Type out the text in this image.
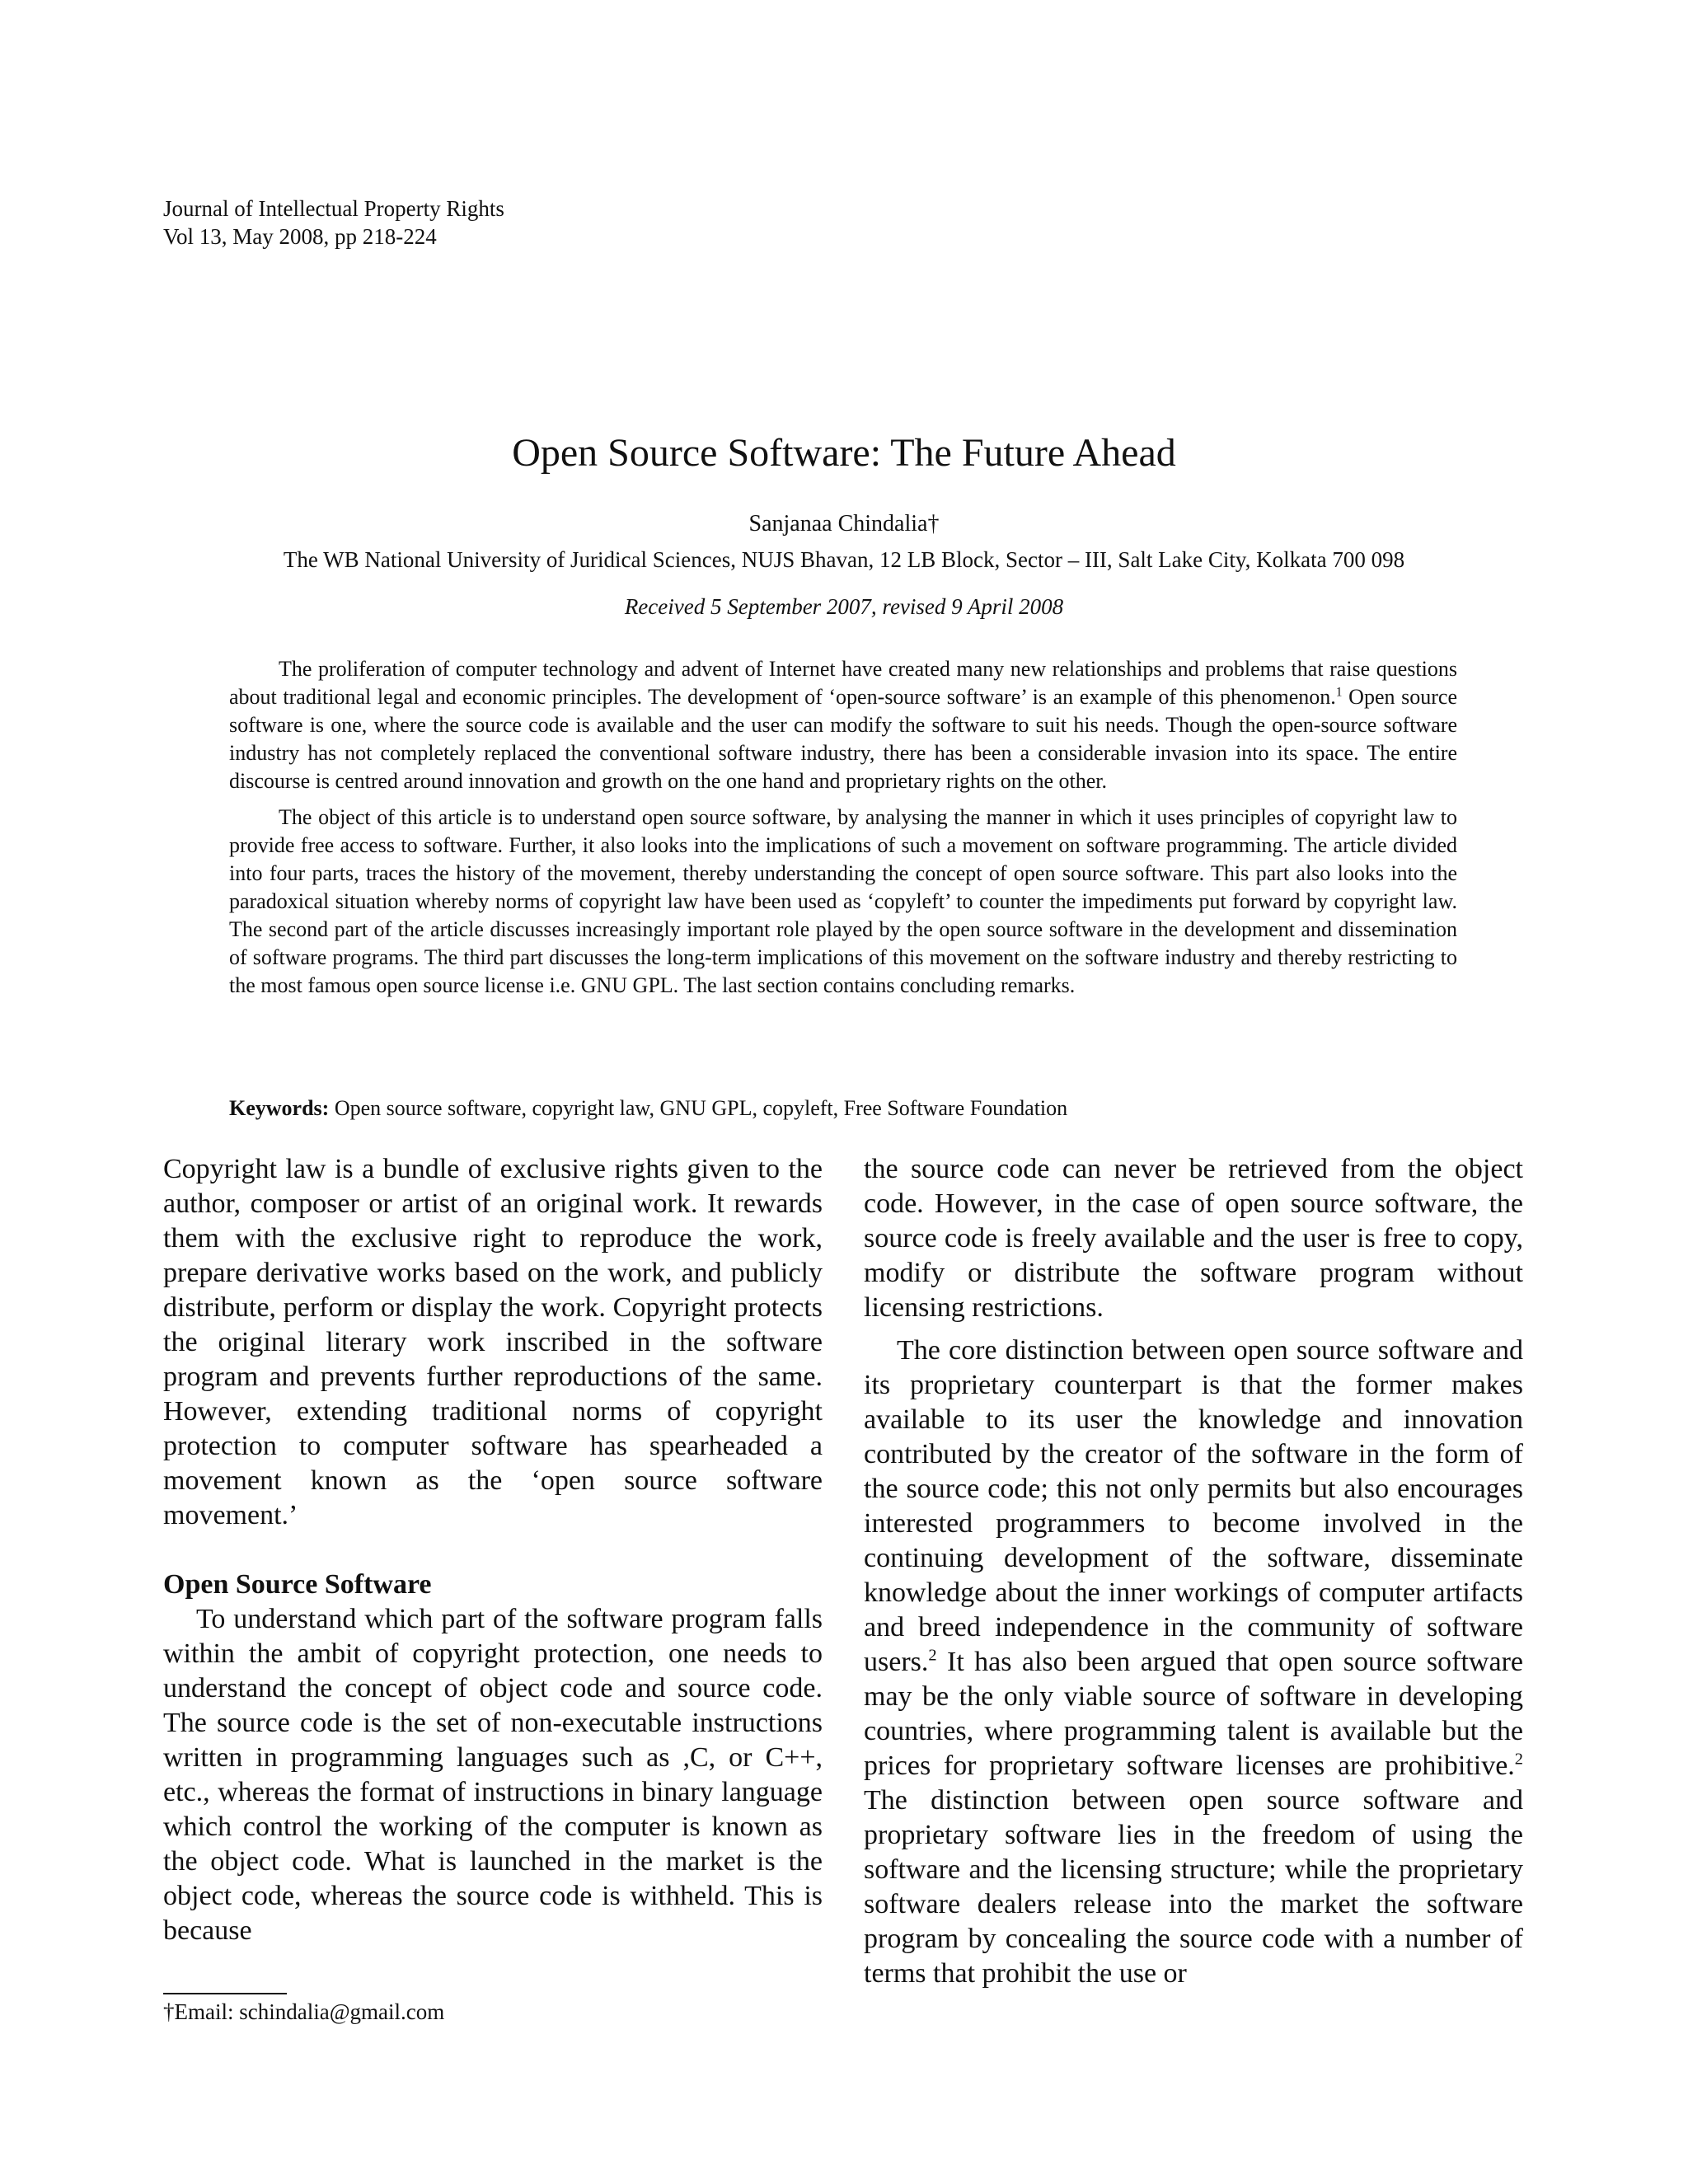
Journal of Intellectual Property Rights
Vol 13, May 2008, pp 218-224
Open Source Software: The Future Ahead
Sanjanaa Chindalia†
The WB National University of Juridical Sciences, NUJS Bhavan, 12 LB Block, Sector – III, Salt Lake City, Kolkata 700 098
Received 5 September 2007, revised 9 April 2008

The proliferation of computer technology and advent of Internet have created many new relationships and problems that raise questions about traditional legal and economic principles. The development of ‘open-source software’ is an example of this phenomenon.$^1$ Open source software is one, where the source code is available and the user can modify the software to suit his needs. Though the open-source software industry has not completely replaced the conventional software industry, there has been a considerable invasion into its space. The entire discourse is centred around innovation and growth on the one hand and proprietary rights on the other.

The object of this article is to understand open source software, by analysing the manner in which it uses principles of copyright law to provide free access to software. Further, it also looks into the implications of such a movement on software programming. The article divided into four parts, traces the history of the movement, thereby understanding the concept of open source software. This part also looks into the paradoxical situation whereby norms of copyright law have been used as ‘copyleft’ to counter the impediments put forward by copyright law. The second part of the article discusses increasingly important role played by the open source software in the development and dissemination of software programs. The third part discusses the long-term implications of this movement on the software industry and thereby restricting to the most famous open source license i.e. GNU GPL. The last section contains concluding remarks.

Keywords: Open source software, copyright law, GNU GPL, copyleft, Free Software Foundation

Copyright law is a bundle of exclusive rights given to the author, composer or artist of an original work. It rewards them with the exclusive right to reproduce the work, prepare derivative works based on the work, and publicly distribute, perform or display the work. Copyright protects the original literary work inscribed in the software program and prevents further reproductions of the same. However, extending traditional norms of copyright protection to computer software has spearheaded a movement known as the ‘open source software movement.’

Open Source Software

To understand which part of the software program falls within the ambit of copyright protection, one needs to understand the concept of object code and source code. The source code is the set of non-executable instructions written in programming languages such as ,C, or C++, etc., whereas the format of instructions in binary language which control the working of the computer is known as the object code. What is launched in the market is the object code, whereas the source code is withheld. This is because

the source code can never be retrieved from the object code. However, in the case of open source software, the source code is freely available and the user is free to copy, modify or distribute the software program without licensing restrictions.

The core distinction between open source software and its proprietary counterpart is that the former makes available to its user the knowledge and innovation contributed by the creator of the software in the form of the source code; this not only permits but also encourages interested programmers to become involved in the continuing development of the software, disseminate knowledge about the inner workings of computer artifacts and breed independence in the community of software users.$^2$ It has also been argued that open source software may be the only viable source of software in developing countries, where programming talent is available but the prices for proprietary software licenses are prohibitive.$^2$ The distinction between open source software and proprietary software lies in the freedom of using the software and the licensing structure; while the proprietary software dealers release into the market the software program by concealing the source code with a number of terms that prohibit the use or

†Email: schindalia@gmail.com
